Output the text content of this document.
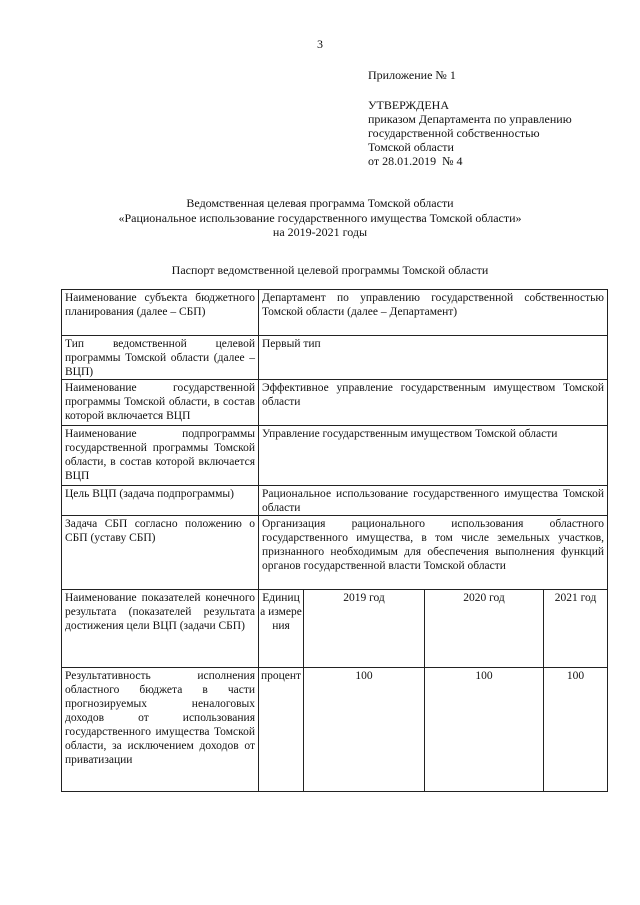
3
Приложение № 1
УТВЕРЖДЕНА
приказом Департамента по управлению
государственной собственностью
Томской области
от 28.01.2019  № 4
Ведомственная целевая программа Томской области
«Рациональное использование государственного имущества Томской области»
на 2019-2021 годы
Паспорт ведомственной целевой программы Томской области
Наименование субъекта бюджетного планирования (далее – СБП)	Департамент по управлению государственной собственностью Томской области (далее – Департамент)			
Тип ведомственной целевой программы Томской области (далее – ВЦП)	Первый тип			
Наименование государственной программы Томской области, в состав которой включается ВЦП	Эффективное управление государственным имуществом Томской области			
Наименование подпрограммы государственной программы Томской области, в состав которой включается ВЦП	Управление государственным имуществом Томской области			
Цель ВЦП (задача подпрограммы)	Рациональное использование государственного имущества Томской области			
Задача СБП согласно положению о СБП (уставу СБП)	Организация рационального использования областного государственного имущества, в том числе земельных участков, признанного необходимым для обеспечения выполнения функций органов государственной власти Томской области			
Наименование показателей конечного результата (показателей результата достижения цели ВЦП (задачи СБП)	Единица измерения	2019 год	2020 год	2021 год
Результативность исполнения областного бюджета в части прогнозируемых неналоговых доходов от использования государственного имущества Томской области, за исключением доходов от приватизации	процент	100	100	100
